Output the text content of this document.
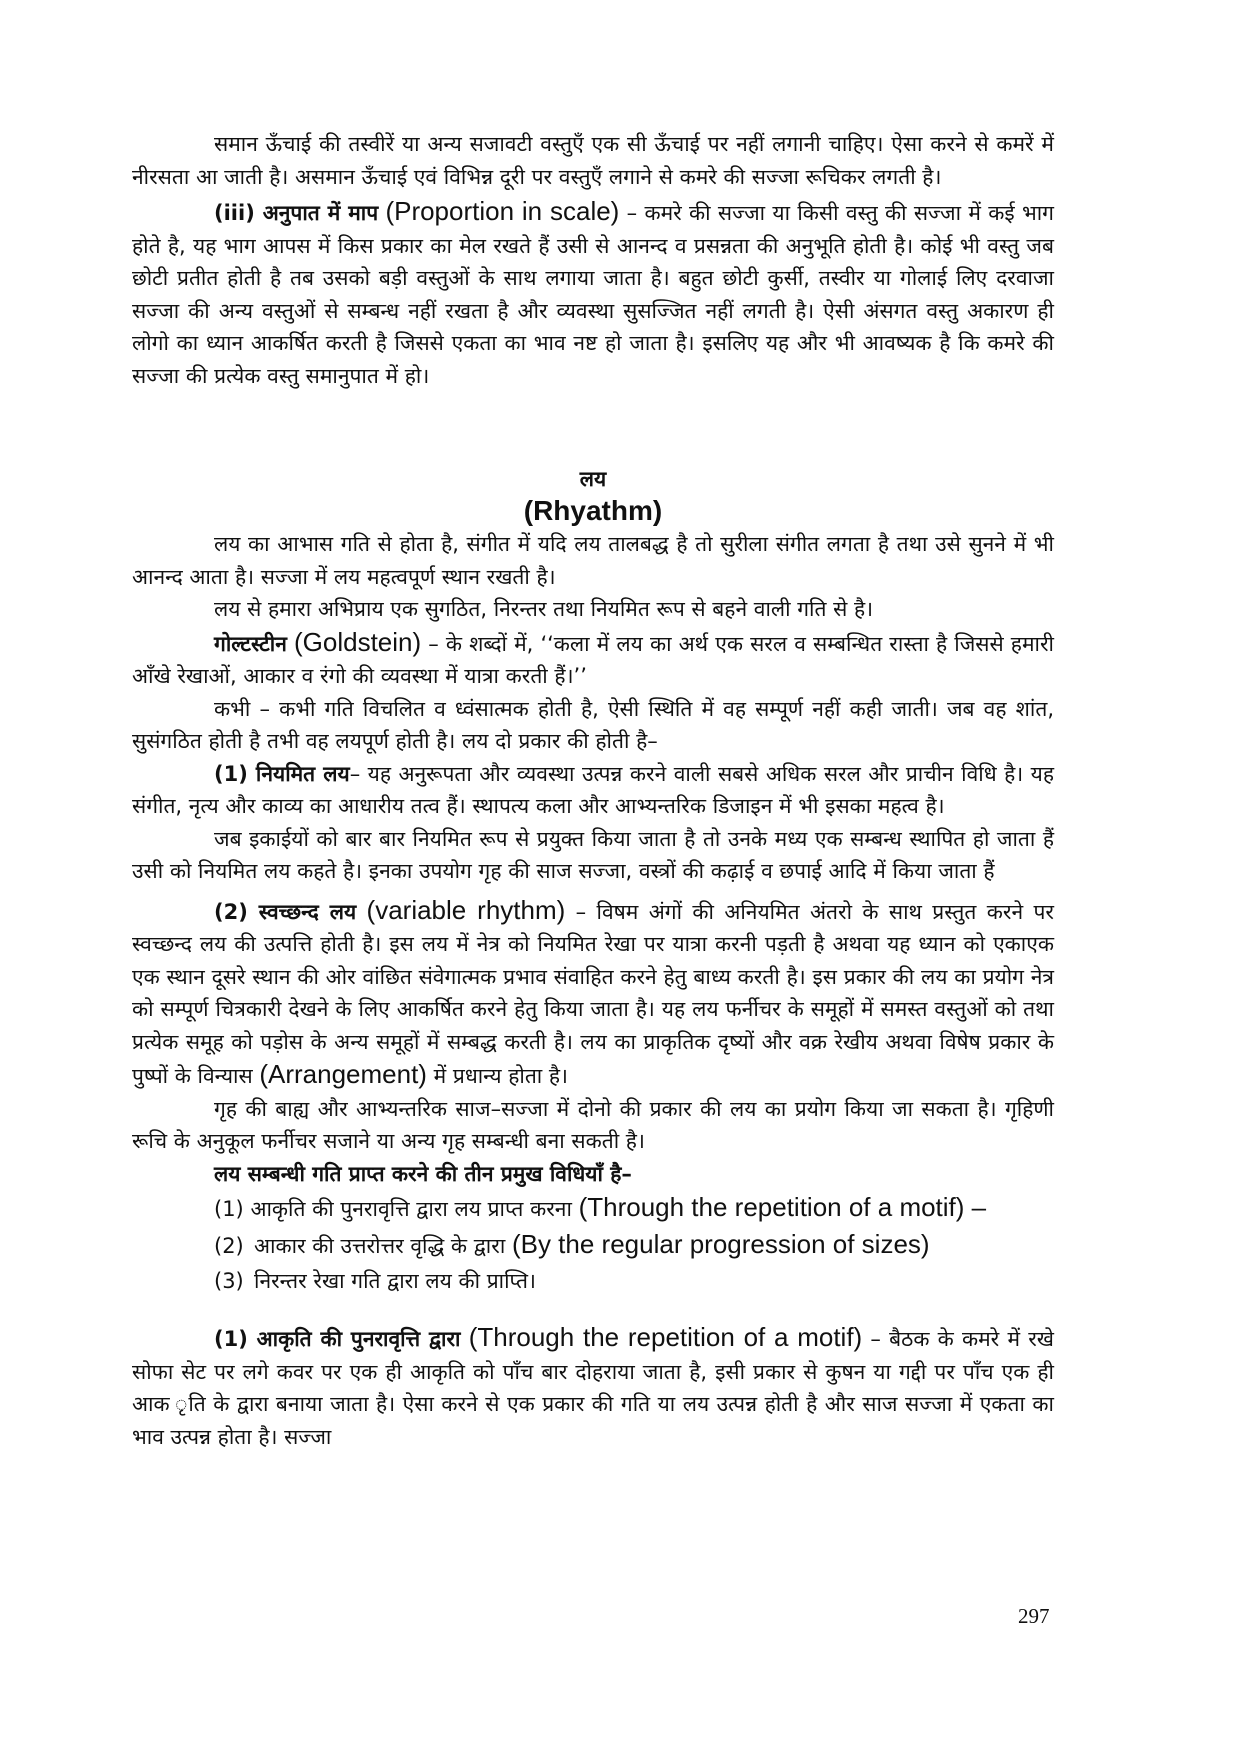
समान ऊँचाई की तस्वीरें या अन्य सजावटी वस्तुएँ एक सी ऊँचाई पर नहीं लगानी चाहिए। ऐसा करने से कमरें में नीरसता आ जाती है। असमान ऊँचाई एवं विभिन्न दूरी पर वस्तुएँ लगाने से कमरे की सज्जा रूचिकर लगती है।

(iii) अनुपात में माप (Proportion in scale) – कमरे की सज्जा या किसी वस्तु की सज्जा में कई भाग होते है, यह भाग आपस में किस प्रकार का मेल रखते हैं उसी से आनन्द व प्रसन्नता की अनुभूति होती है। कोई भी वस्तु जब छोटी प्रतीत होती है तब उसको बड़ी वस्तुओं के साथ लगाया जाता है। बहुत छोटी कुर्सी, तस्वीर या गोलाई लिए दरवाजा सज्जा की अन्य वस्तुओं से सम्बन्ध नहीं रखता है और व्यवस्था सुसज्जित नहीं लगती है। ऐसी अंसगत वस्तु अकारण ही लोगो का ध्यान आकर्षित करती है जिससे एकता का भाव नष्ट हो जाता है। इसलिए यह और भी आवष्यक है कि कमरे की सज्जा की प्रत्येक वस्तु समानुपात में हो।

लय
(Rhyathm)

लय का आभास गति से होता है, संगीत में यदि लय तालबद्ध है तो सुरीला संगीत लगता है तथा उसे सुनने में भी आनन्द आता है। सज्जा में लय महत्वपूर्ण स्थान रखती है।

लय से हमारा अभिप्राय एक सुगठित, निरन्तर तथा नियमित रूप से बहने वाली गति से है।

गोल्टस्टीन (Goldstein) – के शब्दों में, ‘‘कला में लय का अर्थ एक सरल व सम्बन्धित रास्ता है जिससे हमारी आँखे रेखाओं, आकार व रंगो की व्यवस्था में यात्रा करती हैं।’’

कभी – कभी गति विचलित व ध्वंसात्मक होती है, ऐसी स्थिति में वह सम्पूर्ण नहीं कही जाती। जब वह शांत, सुसंगठित होती है तभी वह लयपूर्ण होती है। लय दो प्रकार की होती है–

(1) नियमित लय– यह अनुरूपता और व्यवस्था उत्पन्न करने वाली सबसे अधिक सरल और प्राचीन विधि है। यह संगीत, नृत्य और काव्य का आधारीय तत्व हैं। स्थापत्य कला और आभ्यन्तरिक डिजाइन में भी इसका महत्व है।

जब इकाईयों को बार बार नियमित रूप से प्रयुक्त किया जाता है तो उनके मध्य एक सम्बन्ध स्थापित हो जाता हैं उसी को नियमित लय कहते है। इनका उपयोग गृह की साज सज्जा, वस्त्रों की कढ़ाई व छपाई आदि में किया जाता हैं

(2) स्वच्छन्द लय (variable rhythm) – विषम अंगों की अनियमित अंतरो के साथ प्रस्तुत करने पर स्वच्छन्द लय की उत्पत्ति होती है। इस लय में नेत्र को नियमित रेखा पर यात्रा करनी पड़ती है अथवा यह ध्यान को एकाएक एक स्थान दूसरे स्थान की ओर वांछित संवेगात्मक प्रभाव संवाहित करने हेतु बाध्य करती है। इस प्रकार की लय का प्रयोग नेत्र को सम्पूर्ण चित्रकारी देखने के लिए आकर्षित करने हेतु किया जाता है। यह लय फर्नीचर के समूहों में समस्त वस्तुओं को तथा प्रत्येक समूह को पड़ोस के अन्य समूहों में सम्बद्ध करती है। लय का प्राकृतिक दृष्यों और वक्र रेखीय अथवा विषेष प्रकार के पुष्पों के विन्यास (Arrangement) में प्रधान्य होता है।

गृह की बाह्य और आभ्यन्तरिक साज–सज्जा में दोनो की प्रकार की लय का प्रयोग किया जा सकता है। गृहिणी रूचि के अनुकूल फर्नीचर सजाने या अन्य गृह सम्बन्धी बना सकती है।

लय सम्बन्धी गति प्राप्त करने की तीन प्रमुख विधियाँ है–

(1) आकृति की पुनरावृत्ति द्वारा लय प्राप्त करना (Through the repetition of a motif) –
(2) आकार की उत्तरोत्तर वृद्धि के द्वारा (By the regular progression of sizes)
(3) निरन्तर रेखा गति द्वारा लय की प्राप्ति।

(1) आकृति की पुनरावृत्ति द्वारा (Through the repetition of a motif) – बैठक के कमरे में रखे सोफा सेट पर लगे कवर पर एक ही आकृति को पाँच बार दोहराया जाता है, इसी प्रकार से कुषन या गद्दी पर पाँच एक ही आक ृति के द्वारा बनाया जाता है। ऐसा करने से एक प्रकार की गति या लय उत्पन्न होती है और साज सज्जा में एकता का भाव उत्पन्न होता है। सज्जा

297
